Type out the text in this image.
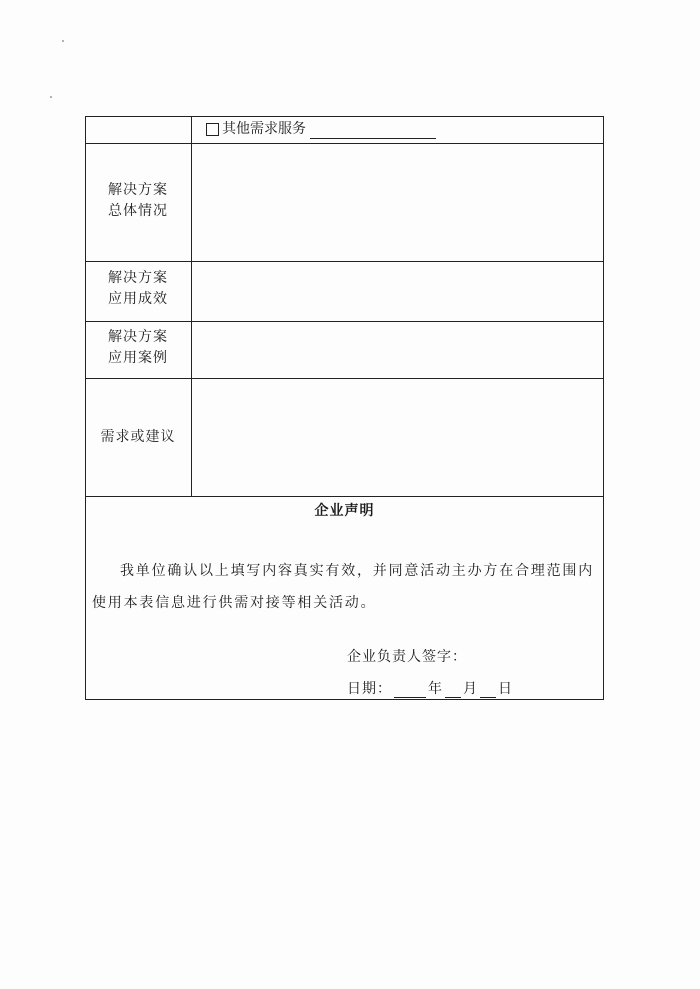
其他需求服务
解决方案
总体情况
解决方案
应用成效
解决方案
应用案例
需求或建议
企业声明
我单位确认以上填写内容真实有效，并同意活动主办方在合理范围内使用本表信息进行供需对接等相关活动。
企业负责人签字：
日期：	年 月 日
